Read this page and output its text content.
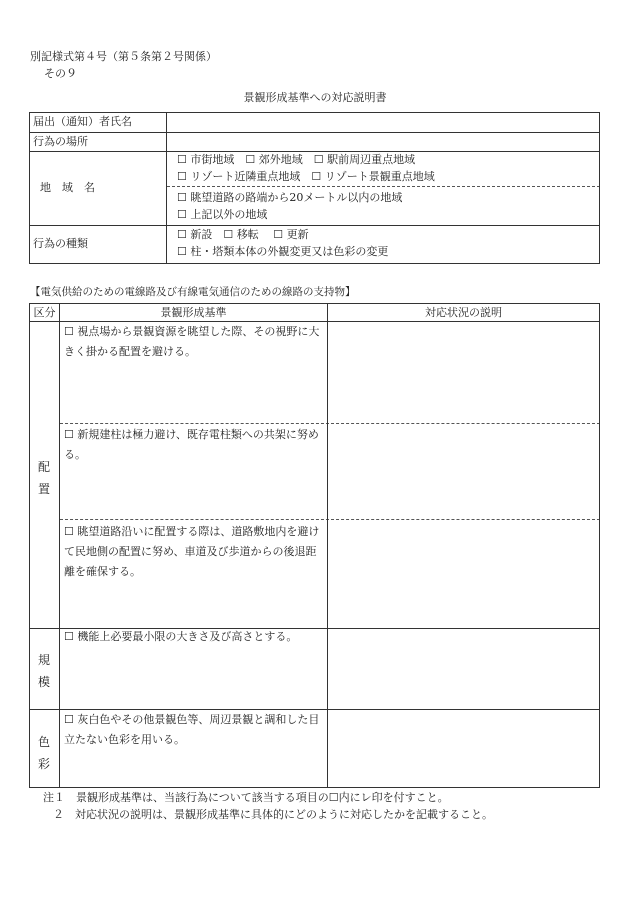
別記様式第４号（第５条第２号関係）
その９
景観形成基準への対応説明書
届出（通知）者氏名
行為の場所
地　域　名
☐ 市街地域　☐ 郊外地域　☐ 駅前周辺重点地域
☐ リゾート近隣重点地域　☐ リゾート景観重点地域
☐ 眺望道路の路端から20メートル以内の地域
☐ 上記以外の地域
行為の種類
☐ 新設　☐ 移転　 ☐ 更新
☐ 柱・塔類本体の外観変更又は色彩の変更
【電気供給のための電線路及び有線電気通信のための線路の支持物】
区分	景観形成基準	対応状況の説明
配
置
規
模
色
彩
☐ 視点場から景観資源を眺望した際、その視野に大きく掛かる配置を避ける。
☐ 新規建柱は極力避け、既存電柱類への共架に努める。
☐ 眺望道路沿いに配置する際は、道路敷地内を避けて民地側の配置に努め、車道及び歩道からの後退距離を確保する。
☐ 機能上必要最小限の大きさ及び高さとする。
☐ 灰白色やその他景観色等、周辺景観と調和した目立たない色彩を用いる。
注１　景観形成基準は、当該行為について該当する項目の☐内にレ印を付すこと。
２　対応状況の説明は、景観形成基準に具体的にどのように対応したかを記載すること。
